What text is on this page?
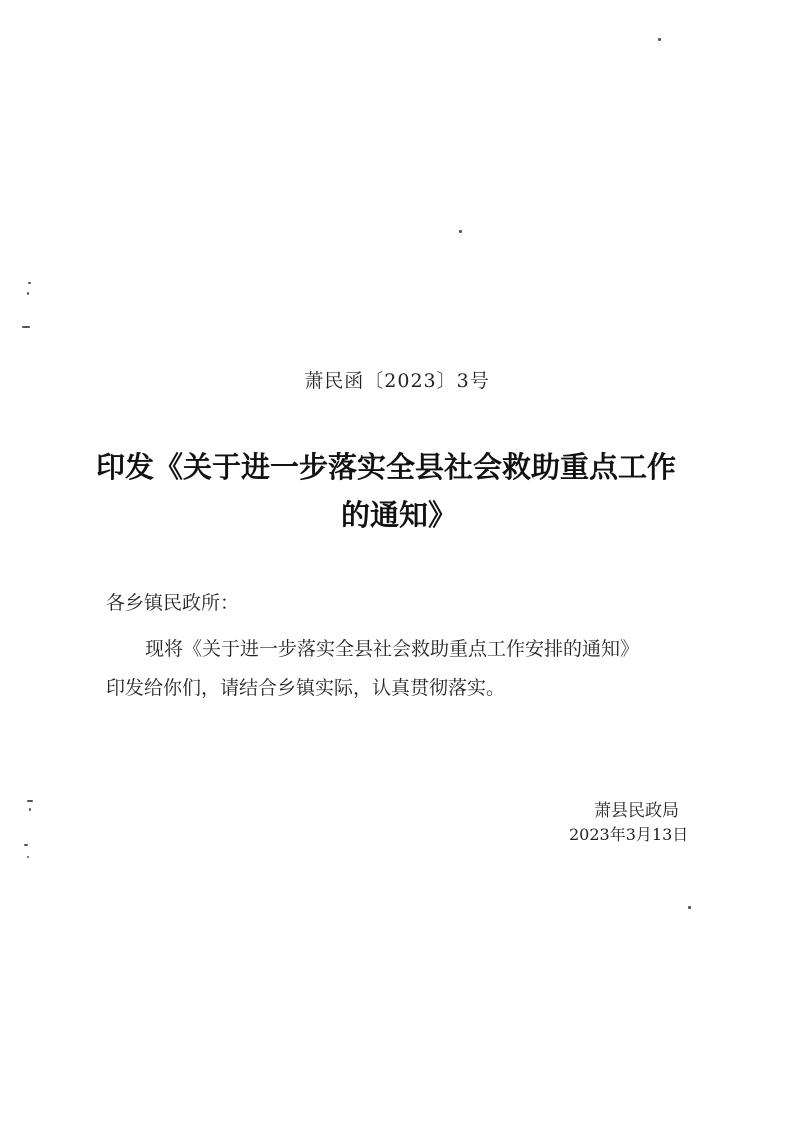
萧民函〔2023〕3号
印发《关于进一步落实全县社会救助重点工作
的通知》
各乡镇民政所：
现将《关于进一步落实全县社会救助重点工作安排的通知》
印发给你们，请结合乡镇实际，认真贯彻落实。
萧县民政局
2023年3月13日
